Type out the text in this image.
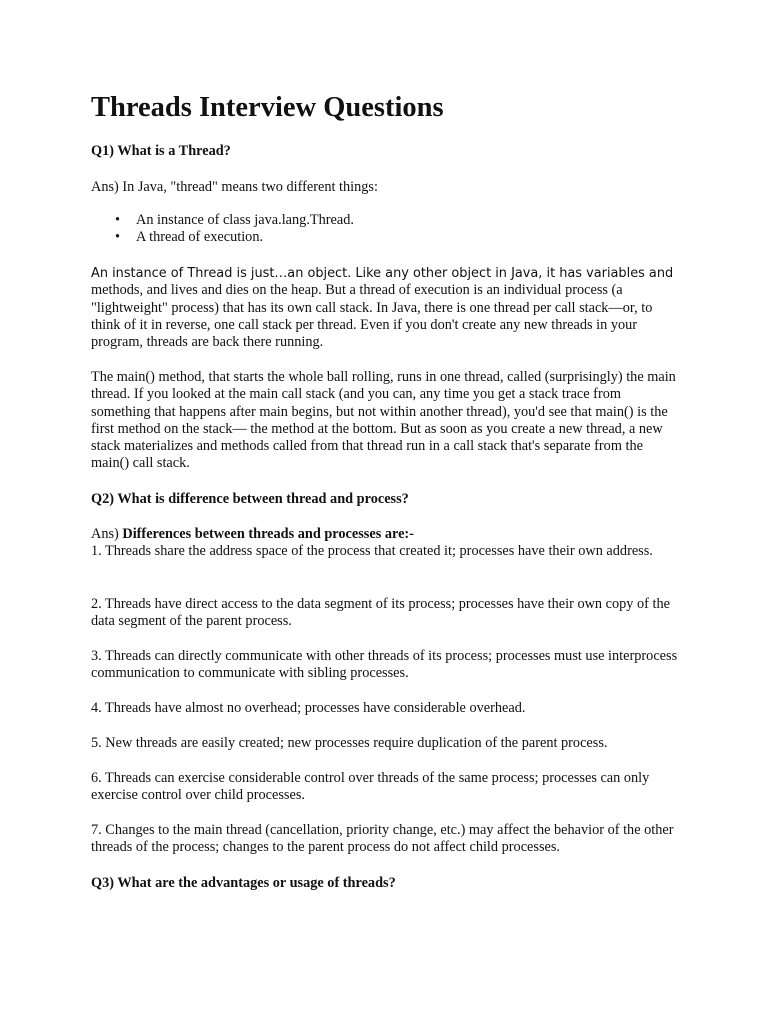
Threads Interview Questions

Q1) What is a Thread?

Ans) In Java, "thread" means two different things:

• An instance of class java.lang.Thread.
• A thread of execution.
An instance of Thread is just…an object. Like any other object in Java, it has variables and methods, and lives and dies on the heap. But a thread of execution is an individual process (a "lightweight" process) that has its own call stack. In Java, there is one thread per call stack—or, to think of it in reverse, one call stack per thread. Even if you don't create any new threads in your program, threads are back there running.

The main() method, that starts the whole ball rolling, runs in one thread, called (surprisingly) the main thread. If you looked at the main call stack (and you can, any time you get a stack trace from something that happens after main begins, but not within another thread), you'd see that main() is the first method on the stack— the method at the bottom. But as soon as you create a new thread, a new stack materializes and methods called from that thread run in a call stack that's separate from the main() call stack.

Q2) What is difference between thread and process?

Ans) Differences between threads and processes are:-

1. Threads share the address space of the process that created it; processes have their own address.

2. Threads have direct access to the data segment of its process; processes have their own copy of the data segment of the parent process.

3. Threads can directly communicate with other threads of its process; processes must use interprocess communication to communicate with sibling processes.

4. Threads have almost no overhead; processes have considerable overhead.

5. New threads are easily created; new processes require duplication of the parent process.

6. Threads can exercise considerable control over threads of the same process; processes can only exercise control over child processes.

7. Changes to the main thread (cancellation, priority change, etc.) may affect the behavior of the other threads of the process; changes to the parent process do not affect child processes.

Q3) What are the advantages or usage of threads?
